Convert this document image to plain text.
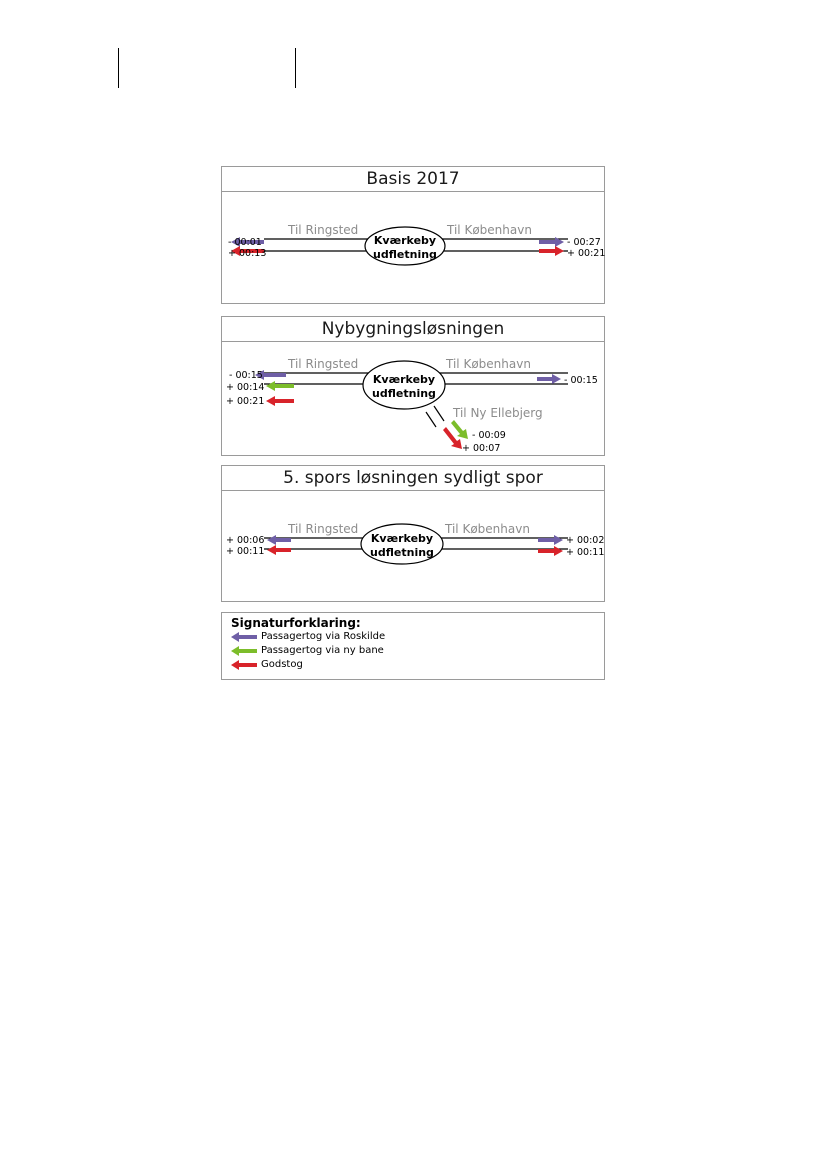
Basis 2017
Kværkeby
udfletning
Til Ringsted	Til København
- 00:01
+ 00:13
- 00:27
+ 00:21
Nybygningsløsningen
Kværkeby
udfletning
Til Ringsted	Til København
Til Ny Ellebjerg
- 00:15
+ 00:14
+ 00:21
- 00:15
- 00:09
+ 00:07
5. spors løsningen sydligt spor
Kværkeby
udfletning
Til Ringsted	Til København
+ 00:06
+ 00:11
+ 00:02
+ 00:11
Signaturforklaring:
Passagertog via Roskilde
Passagertog via ny bane
Godstog
